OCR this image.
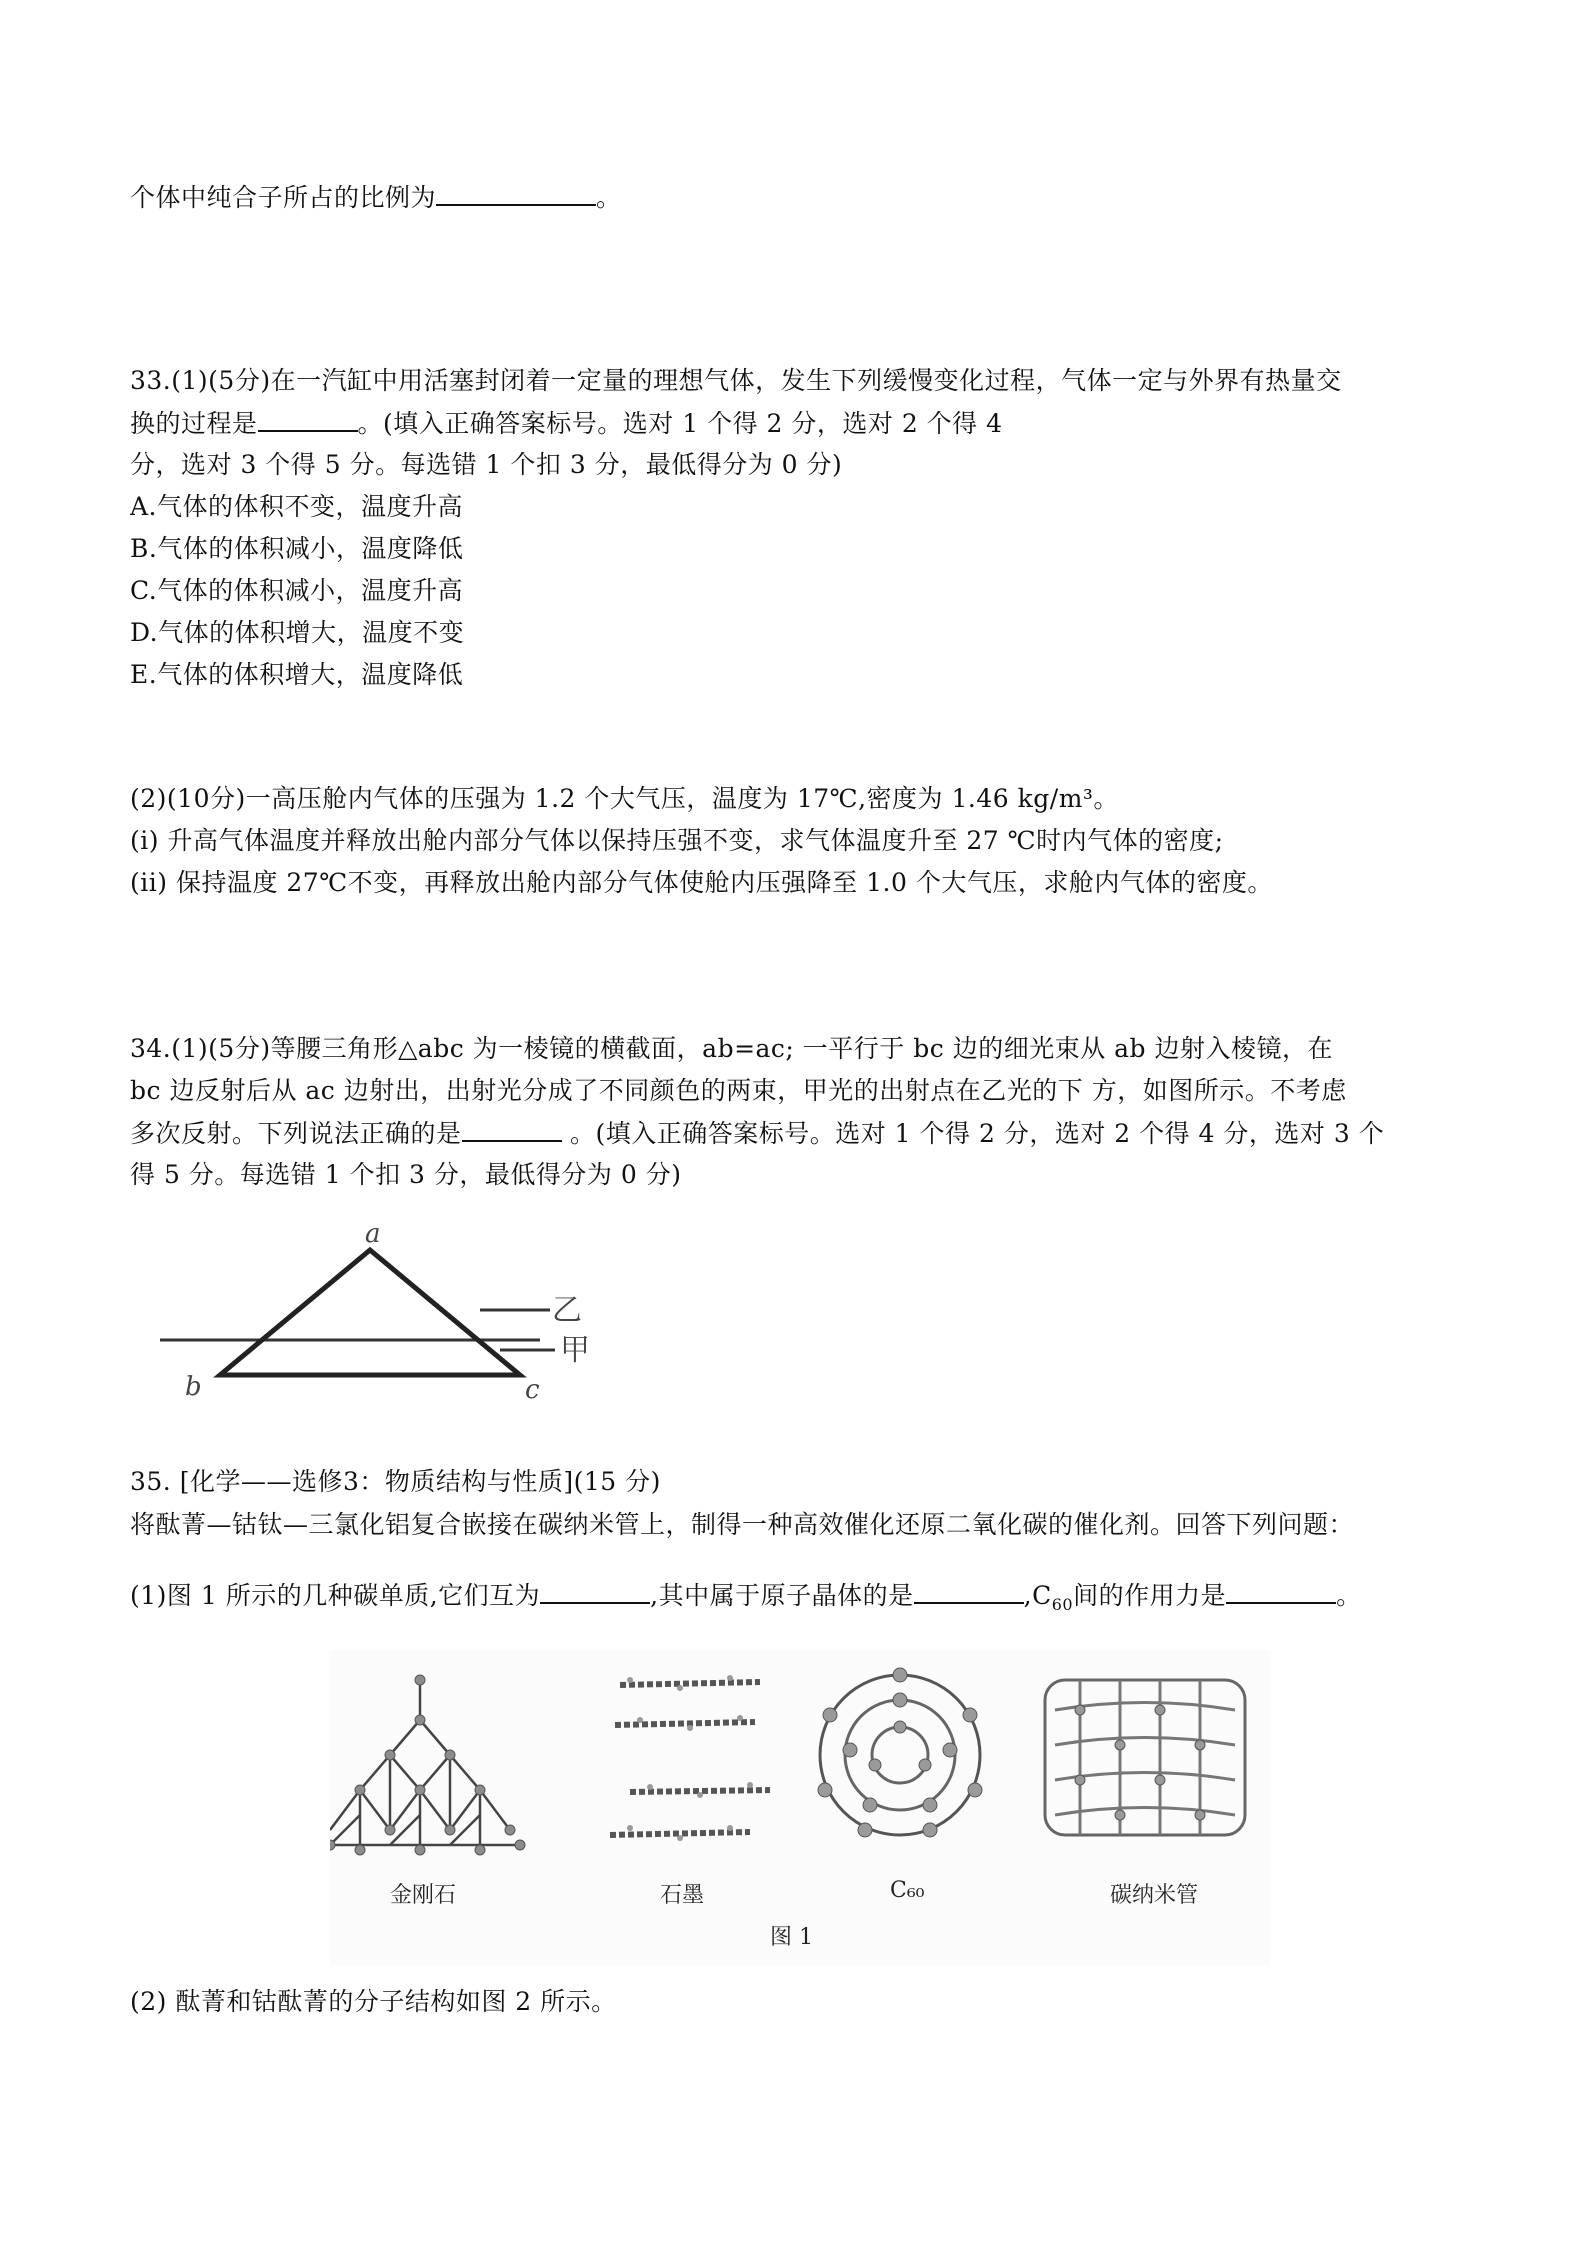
个体中纯合子所占的比例为	。
33.(1)(5分)在一汽缸中用活塞封闭着一定量的理想气体，发生下列缓慢变化过程，气体一定与外界有热量交
换的过程是	。(填入正确答案标号。选对 1 个得 2 分，选对 2 个得 4
分，选对 3 个得 5 分。每选错 1 个扣 3 分，最低得分为 0 分)
A.气体的体积不变，温度升高
B.气体的体积减小，温度降低
C.气体的体积减小，温度升高
D.气体的体积增大，温度不变
E.气体的体积增大，温度降低
(2)(10分)一高压舱内气体的压强为 1.2 个大气压，温度为 17℃,密度为 1.46 kg/m³。
(i) 升高气体温度并释放出舱内部分气体以保持压强不变，求气体温度升至 27 ℃时内气体的密度;
(ii) 保持温度 27℃不变，再释放出舱内部分气体使舱内压强降至 1.0 个大气压，求舱内气体的密度。
34.(1)(5分)等腰三角形△abc 为一棱镜的横截面，ab=ac; 一平行于 bc 边的细光束从 ab 边射入棱镜，在
bc 边反射后从 ac 边射出，出射光分成了不同颜色的两束，甲光的出射点在乙光的下 方，如图所示。不考虑
多次反射。下列说法正确的是	。(填入正确答案标号。选对 1 个得 2 分，选对 2 个得 4 分，选对 3 个
得 5 分。每选错 1 个扣 3 分，最低得分为 0 分)
a
b	c
乙
甲
35. [化学——选修3：物质结构与性质](15 分)
将酞菁—钴钛—三氯化铝复合嵌接在碳纳米管上，制得一种高效催化还原二氧化碳的催化剂。回答下列问题：
(1)图 1 所示的几种碳单质,它们互为	,其中属于原子晶体的是	$,C_{60}$间的作用力是	。
金刚石	石墨	C₆₀	碳纳米管
图 1
(2) 酞菁和钴酞菁的分子结构如图 2 所示。
